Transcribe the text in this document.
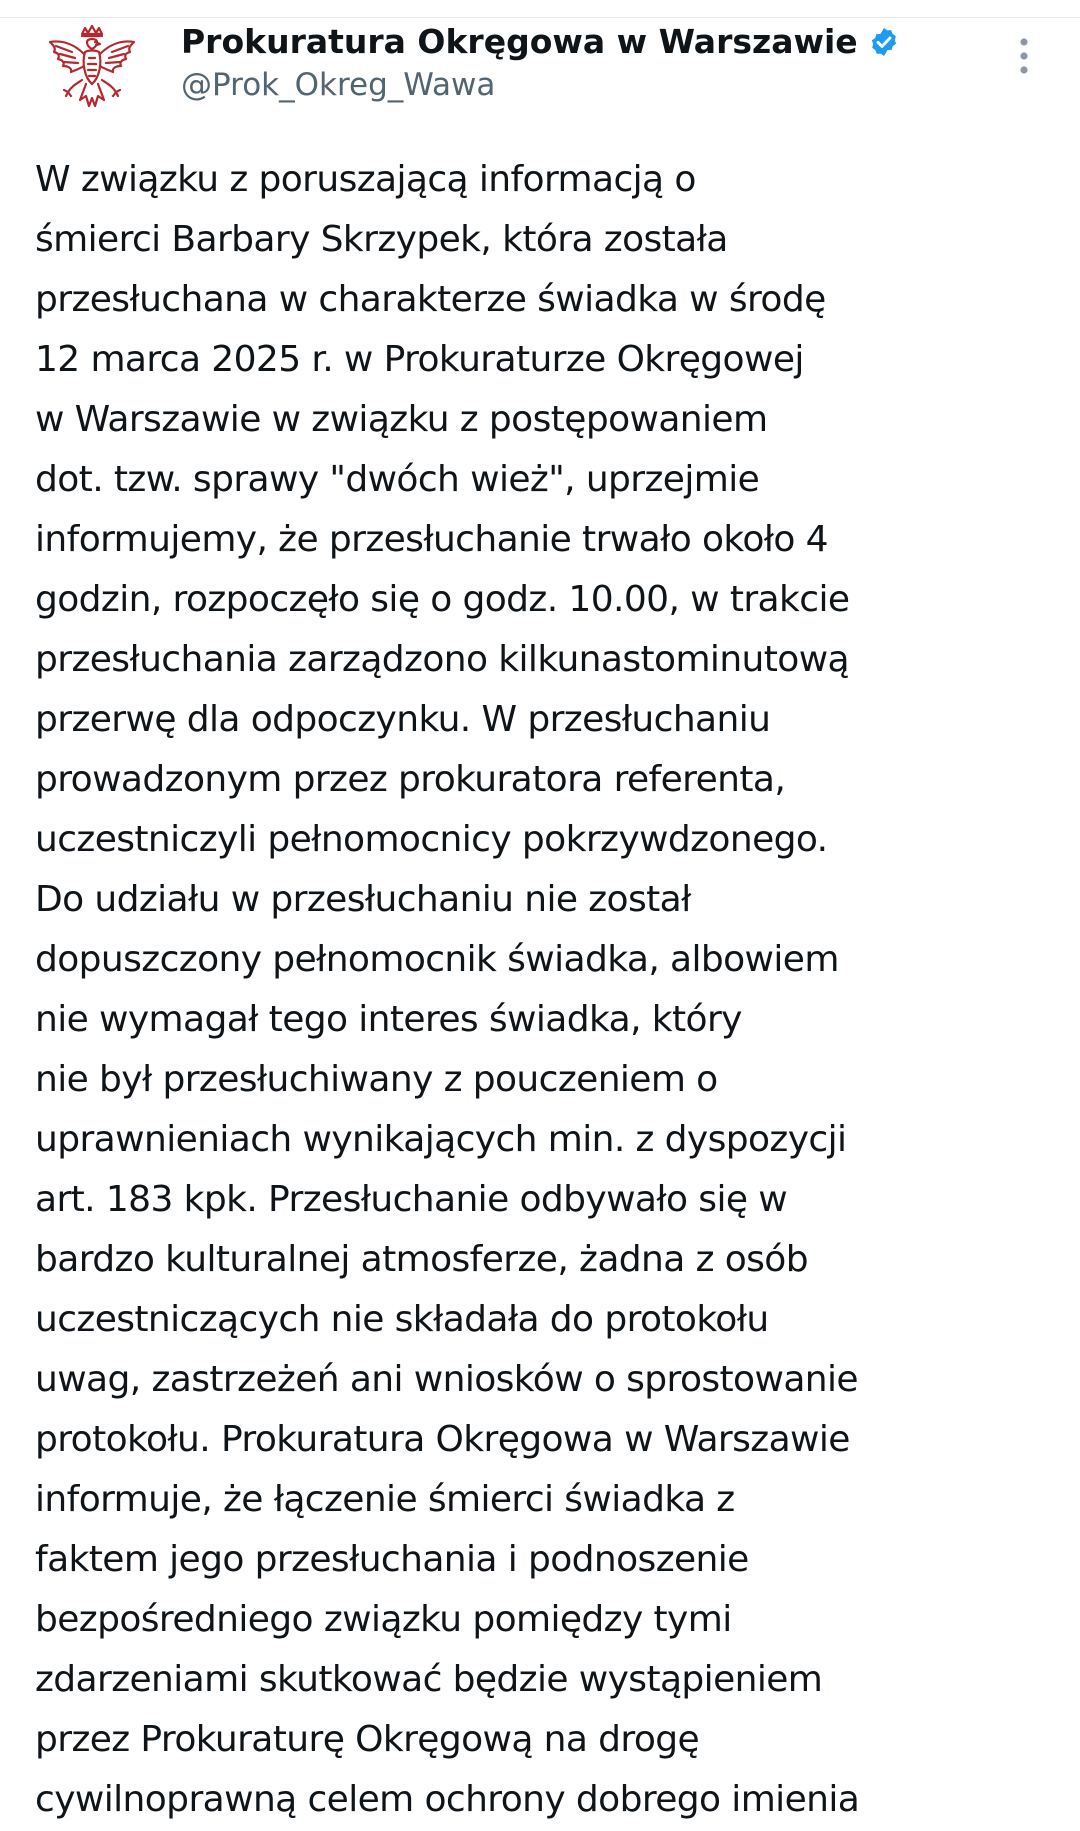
Prokuratura Okręgowa w Warszawie
@Prok_Okreg_Wawa
W związku z poruszającą informacją o
śmierci Barbary Skrzypek, która została
przesłuchana w charakterze świadka w środę
12 marca 2025 r. w Prokuraturze Okręgowej
w Warszawie w związku z postępowaniem
dot. tzw. sprawy "dwóch wież", uprzejmie
informujemy, że przesłuchanie trwało około 4
godzin, rozpoczęło się o godz. 10.00, w trakcie
przesłuchania zarządzono kilkunastominutową
przerwę dla odpoczynku. W przesłuchaniu
prowadzonym przez prokuratora referenta,
uczestniczyli pełnomocnicy pokrzywdzonego.
Do udziału w przesłuchaniu nie został
dopuszczony pełnomocnik świadka, albowiem
nie wymagał tego interes świadka, który
nie był przesłuchiwany z pouczeniem o
uprawnieniach wynikających min. z dyspozycji
art. 183 kpk. Przesłuchanie odbywało się w
bardzo kulturalnej atmosferze, żadna z osób
uczestniczących nie składała do protokołu
uwag, zastrzeżeń ani wniosków o sprostowanie
protokołu. Prokuratura Okręgowa w Warszawie
informuje, że łączenie śmierci świadka z
faktem jego przesłuchania i podnoszenie
bezpośredniego związku pomiędzy tymi
zdarzeniami skutkować będzie wystąpieniem
przez Prokuraturę Okręgową na drogę
cywilnoprawną celem ochrony dobrego imienia
